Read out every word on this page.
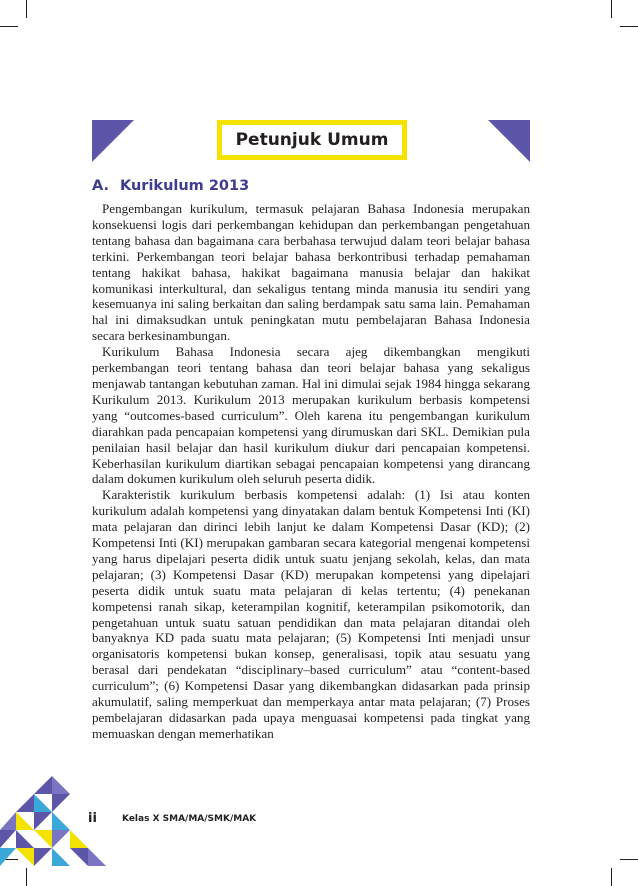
Petunjuk Umum
A. Kurikulum 2013

Pengembangan kurikulum, termasuk pelajaran Bahasa Indonesia merupakan konsekuensi logis dari perkembangan kehidupan dan perkembangan pengetahuan tentang bahasa dan bagaimana cara berbahasa terwujud dalam teori belajar bahasa terkini. Perkembangan teori belajar bahasa berkontribusi terhadap pemahaman tentang hakikat bahasa, hakikat bagaimana manusia belajar dan hakikat komunikasi interkultural, dan sekaligus tentang minda manusia itu sendiri yang kesemuanya ini saling berkaitan dan saling berdampak satu sama lain. Pemahaman hal ini dimaksudkan untuk peningkatan mutu pembelajaran Bahasa Indonesia secara berkesinambungan.

Kurikulum Bahasa Indonesia secara ajeg dikembangkan mengikuti perkembangan teori tentang bahasa dan teori belajar bahasa yang sekaligus menjawab tantangan kebutuhan zaman. Hal ini dimulai sejak 1984 hingga sekarang Kurikulum 2013. Kurikulum 2013 merupakan kurikulum berbasis kompetensi yang “outcomes-based curriculum”. Oleh karena itu pengembangan kurikulum diarahkan pada pencapaian kompetensi yang dirumuskan dari SKL. Demikian pula penilaian hasil belajar dan hasil kurikulum diukur dari pencapaian kompetensi. Keberhasilan kurikulum diartikan sebagai pencapaian kompetensi yang dirancang dalam dokumen kurikulum oleh seluruh peserta didik.

Karakteristik kurikulum berbasis kompetensi adalah: (1) Isi atau konten kurikulum adalah kompetensi yang dinyatakan dalam bentuk Kompetensi Inti (KI) mata pelajaran dan dirinci lebih lanjut ke dalam Kompetensi Dasar (KD); (2) Kompetensi Inti (KI) merupakan gambaran secara kategorial mengenai kompetensi yang harus dipelajari peserta didik untuk suatu jenjang sekolah, kelas, dan mata pelajaran; (3) Kompetensi Dasar (KD) merupakan kompetensi yang dipelajari peserta didik untuk suatu mata pelajaran di kelas tertentu; (4) penekanan kompetensi ranah sikap, keterampilan kognitif, keterampilan psikomotorik, dan pengetahuan untuk suatu satuan pendidikan dan mata pelajaran ditandai oleh banyaknya KD pada suatu mata pelajaran; (5) Kompetensi Inti menjadi unsur organisatoris kompetensi bukan konsep, generalisasi, topik atau sesuatu yang berasal dari pendekatan “disciplinary–based curriculum” atau “content-based curriculum”; (6) Kompetensi Dasar yang dikembangkan didasarkan pada prinsip akumulatif, saling memperkuat dan memperkaya antar mata pelajaran; (7) Proses pembelajaran didasarkan pada upaya menguasai kompetensi pada tingkat yang memuaskan dengan memerhatikan

ii	Kelas X SMA/MA/SMK/MAK
